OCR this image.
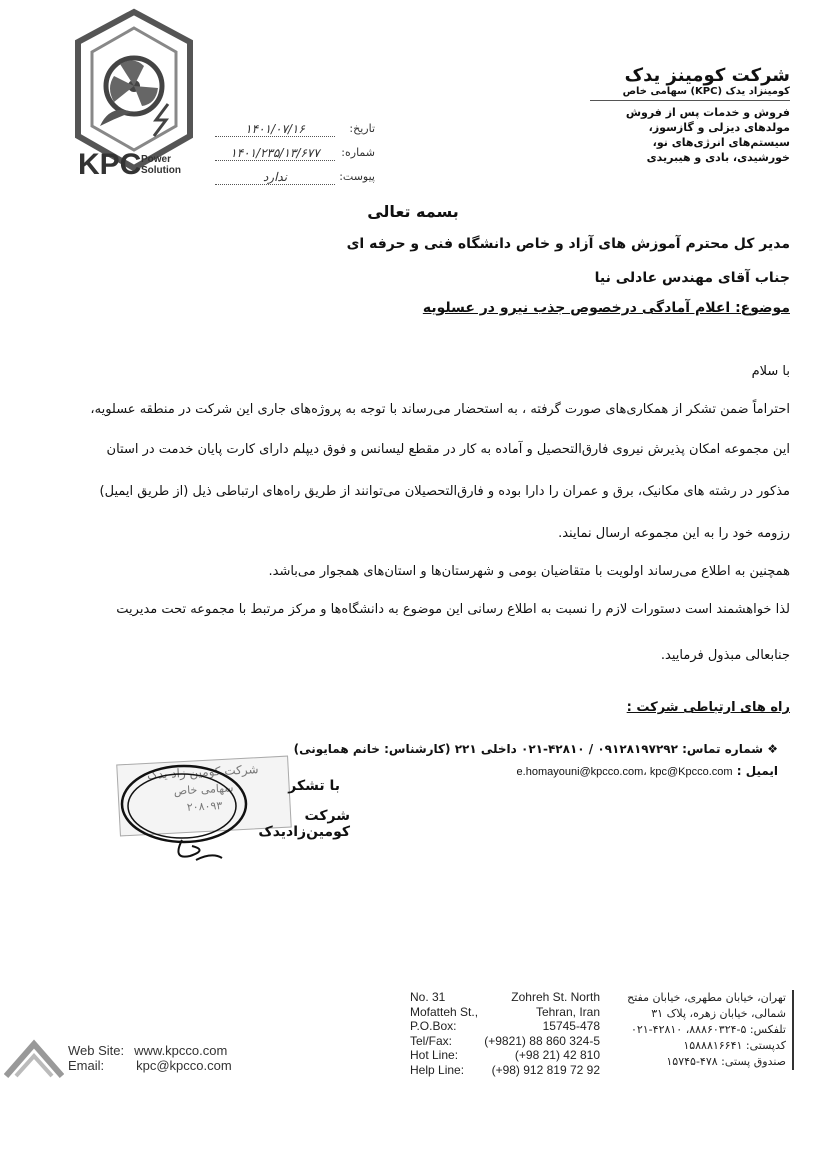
KPC Power
Solution
۱۴۰۱/۰۷/۱۶	تاریخ:
۱۴۰۱/۲۳۵/۱۳/۶۷۷	شماره:
ندارد	پیوست:
شرکت کومینز یدک
کومینزاد یدک (KPC) سهامی خاص
فروش و خدمات پس از فروش
مولدهای دیزلی و گازسوز،
سیستم‌های انرژی‌های نو،
خورشیدی، بادی و هیبریدی
بسمه تعالی
مدیر کل محترم آموزش های آزاد و خاص دانشگاه فنی و حرفه ای
جناب آقای مهندس عادلی نیا
موضوع: اعلام آمادگی درخصوص جذب نیرو در عسلویه
با سلام
احتراماً ضمن تشکر از همکاری‌های صورت گرفته ، به استحضار می‌رساند با توجه به پروژه‌های جاری این شرکت در منطقه عسلویه،
این مجموعه امکان پذیرش نیروی فارق‌التحصیل و آماده به کار در مقطع لیسانس و فوق دیپلم دارای کارت پایان خدمت در استان
مذکور در رشته های مکانیک، برق و عمران را دارا بوده و فارق‌التحصیلان می‌توانند از طریق راه‌های ارتباطی ذیل (از طریق ایمیل)
رزومه خود را به این مجموعه ارسال نمایند.
همچنین به اطلاع می‌رساند اولویت با متقاضیان بومی و شهرستان‌ها و استان‌های همجوار می‌باشد.
لذا خواهشمند است دستورات لازم را نسبت به اطلاع رسانی این موضوع به دانشگاه‌ها و مرکز مرتبط با مجموعه تحت مدیریت
جنابعالی مبذول فرمایید.
راه های ارتباطی شرکت :
❖ شماره تماس: ۰۹۱۲۸۱۹۷۲۹۲ / ۴۲۸۱۰-۰۲۱ داخلی ۲۲۱ (کارشناس: خانم همایونی)
ایمیل : e.homayouni@kpcco.com، kpc@Kpcco.com
شرکت کومین زاد یدک
سهامی خاص
۲۰۸۰۹۳
با تشکر
شرکت کومین‌زادیدک
No. 31	Zohreh St. North
Mofatteh St.,	Tehran, Iran
P.O.Box:	15745-478
Tel/Fax:	(+9821) 88 860 324-5
Hot Line:	(+98 21) 42 810
Help Line: (+98) 912 819 72 92
تهران، خیابان مطهری، خیابان مفتح
شمالی، خیابان زهره، پلاک ۳۱
تلفکس: ۵-۸۸۸۶۰۳۲۴، ۴۲۸۱۰-۰۲۱
کدپستی: ۱۵۸۸۸۱۶۶۴۱
صندوق پستی: ۴۷۸-۱۵۷۴۵
Web Site: www.kpcco.com
Email: kpc@kpcco.com
